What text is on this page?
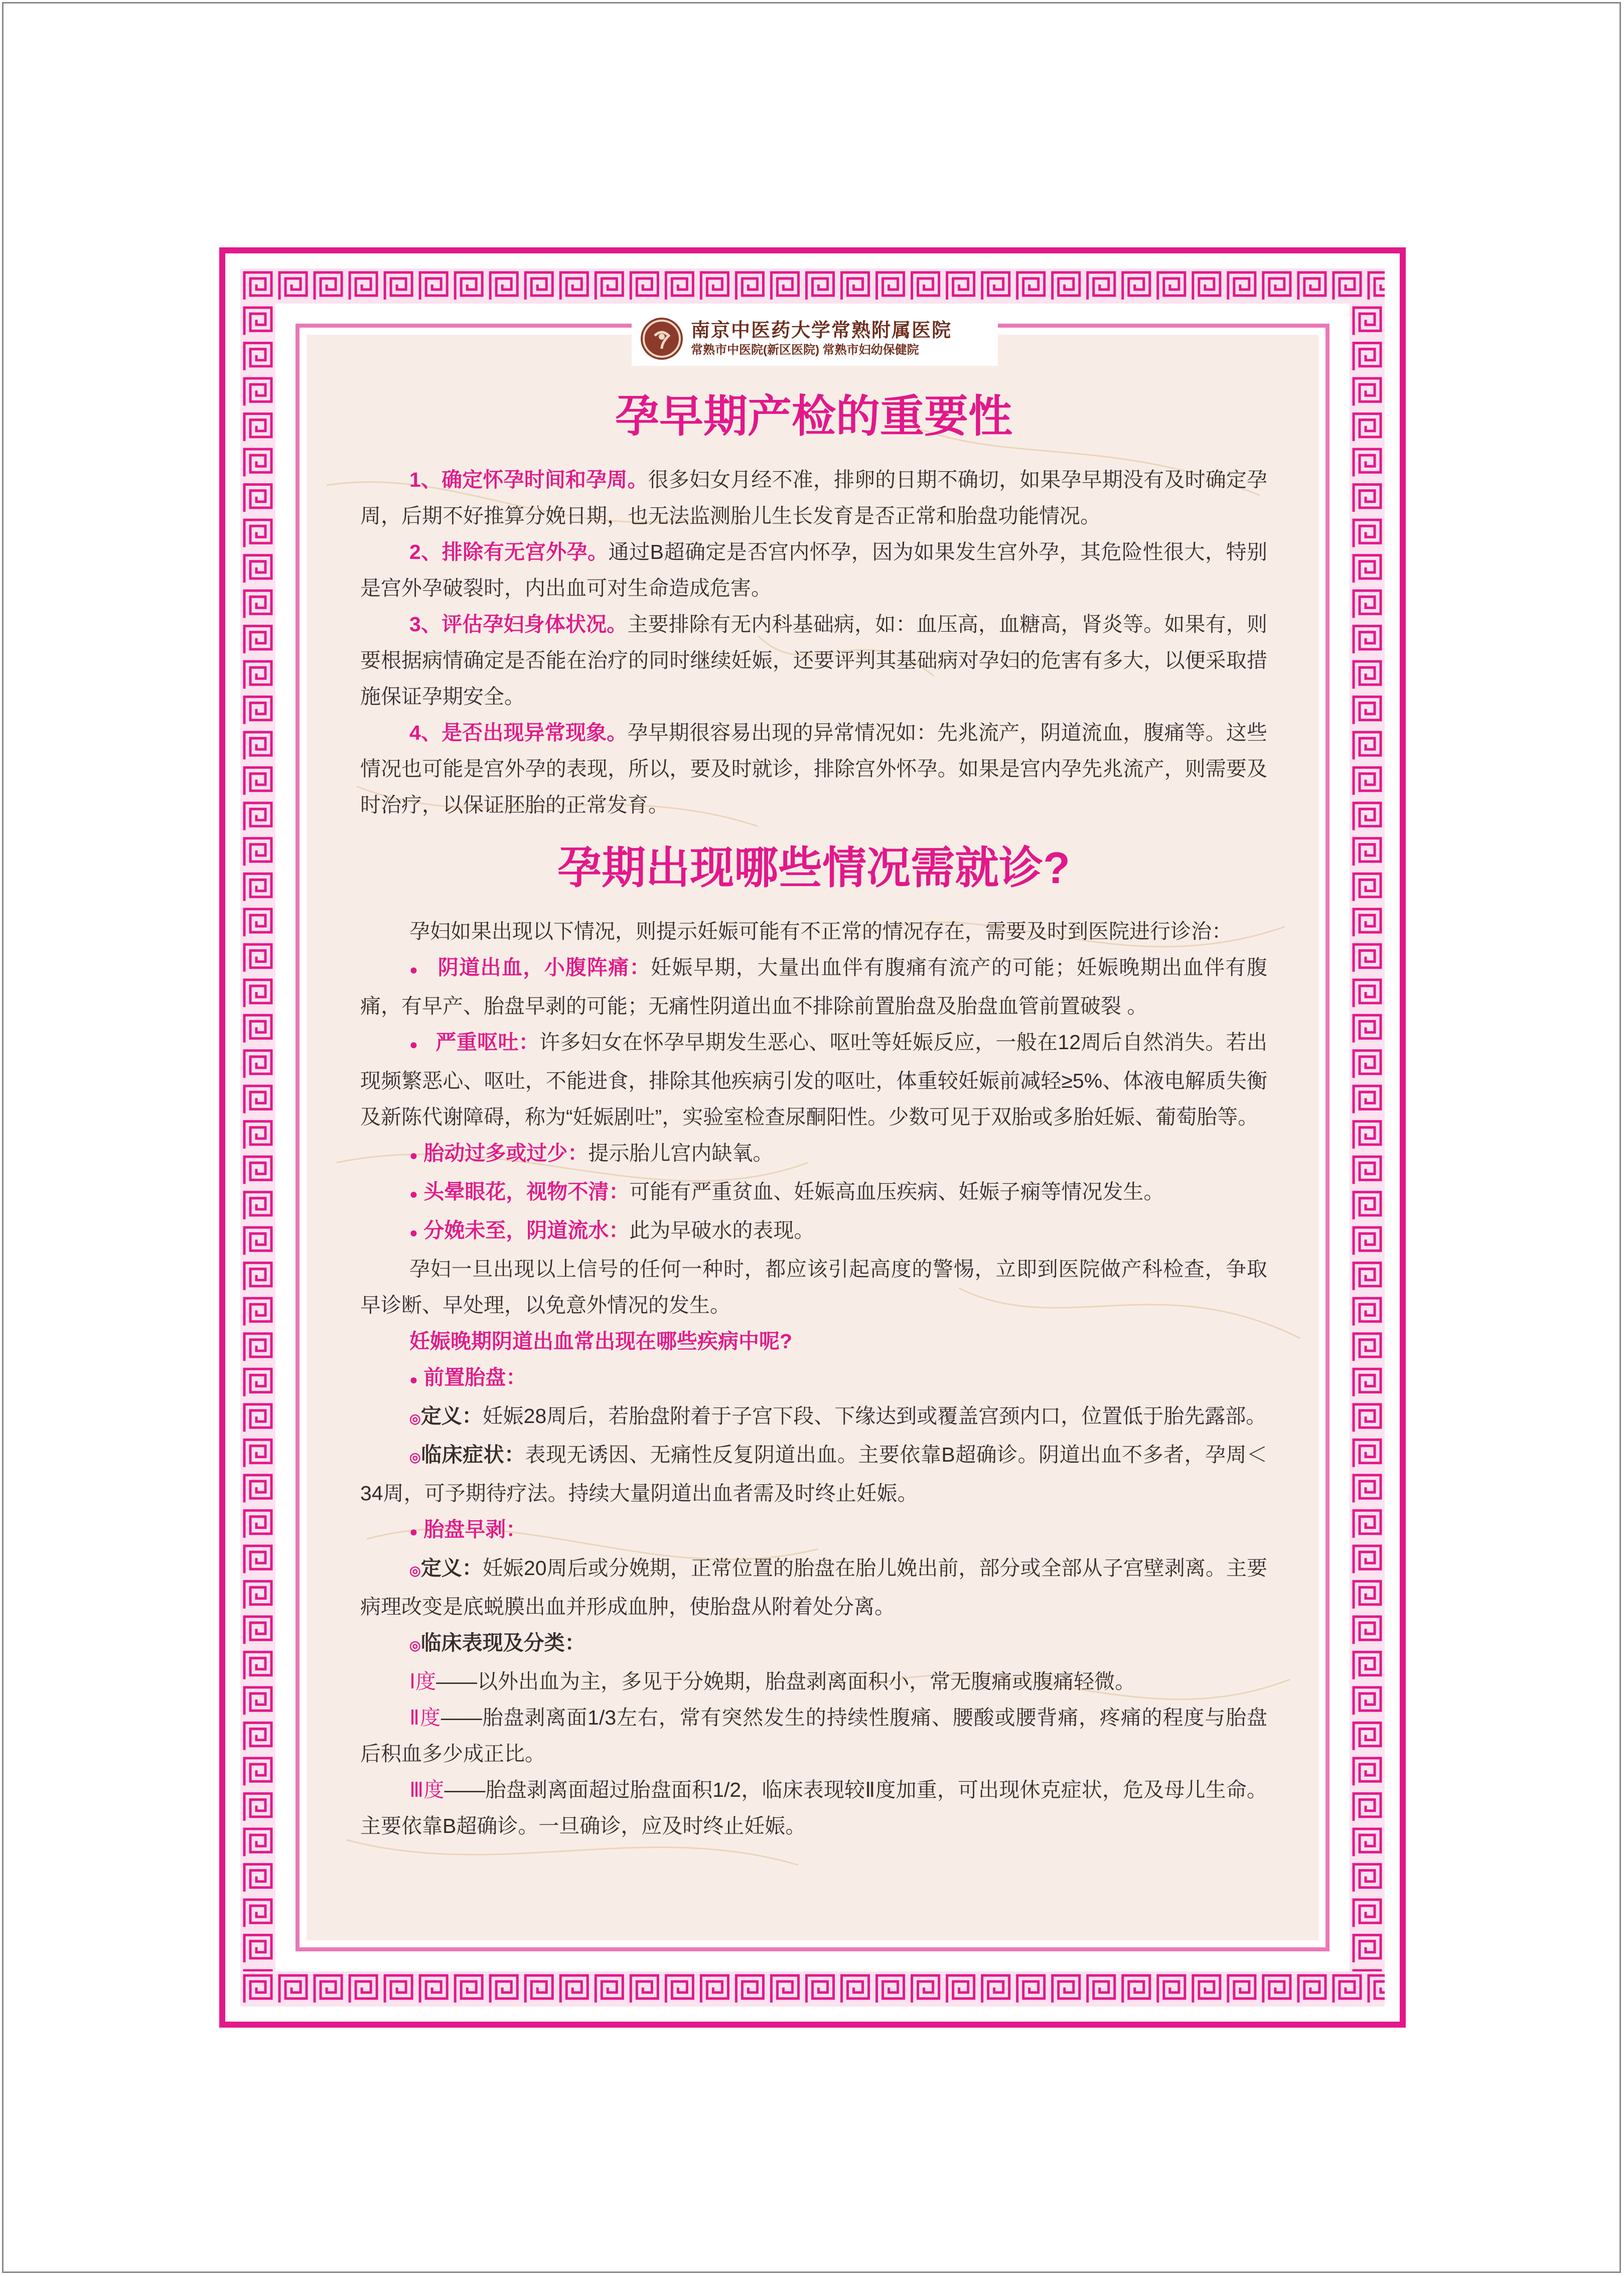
南京中医药大学常熟附属医院
常熟市中医院(新区医院) 常熟市妇幼保健院
孕早期产检的重要性

1、确定怀孕时间和孕周。很多妇女月经不准，排卵的日期不确切，如果孕早期没有及时确定孕周，后期不好推算分娩日期，也无法监测胎儿生长发育是否正常和胎盘功能情况。

2、排除有无宫外孕。通过B超确定是否宫内怀孕，因为如果发生宫外孕，其危险性很大，特别是宫外孕破裂时，内出血可对生命造成危害。

3、评估孕妇身体状况。主要排除有无内科基础病，如：血压高，血糖高，肾炎等。如果有，则要根据病情确定是否能在治疗的同时继续妊娠，还要评判其基础病对孕妇的危害有多大，以便采取措施保证孕期安全。

4、是否出现异常现象。孕早期很容易出现的异常情况如：先兆流产，阴道流血，腹痛等。这些情况也可能是宫外孕的表现，所以，要及时就诊，排除宫外怀孕。如果是宫内孕先兆流产，则需要及时治疗，以保证胚胎的正常发育。

孕期出现哪些情况需就诊?

孕妇如果出现以下情况，则提示妊娠可能有不正常的情况存在，需要及时到医院进行诊治：

● 阴道出血，小腹阵痛：妊娠早期，大量出血伴有腹痛有流产的可能；妊娠晚期出血伴有腹痛，有早产、胎盘早剥的可能；无痛性阴道出血不排除前置胎盘及胎盘血管前置破裂 。

● 严重呕吐：许多妇女在怀孕早期发生恶心、呕吐等妊娠反应，一般在12周后自然消失。若出现频繁恶心、呕吐，不能进食，排除其他疾病引发的呕吐，体重较妊娠前减轻≥5%、体液电解质失衡及新陈代谢障碍，称为“妊娠剧吐”，实验室检查尿酮阳性。少数可见于双胎或多胎妊娠、葡萄胎等。

● 胎动过多或过少：提示胎儿宫内缺氧。

● 头晕眼花，视物不清：可能有严重贫血、妊娠高血压疾病、妊娠子痫等情况发生。

● 分娩未至，阴道流水：此为早破水的表现。

孕妇一旦出现以上信号的任何一种时，都应该引起高度的警惕，立即到医院做产科检查，争取早诊断、早处理，以免意外情况的发生。

妊娠晚期阴道出血常出现在哪些疾病中呢?

● 前置胎盘：

◎定义：妊娠28周后，若胎盘附着于子宫下段、下缘达到或覆盖宫颈内口，位置低于胎先露部。

◎临床症状：表现无诱因、无痛性反复阴道出血。主要依靠B超确诊。阴道出血不多者，孕周＜34周，可予期待疗法。持续大量阴道出血者需及时终止妊娠。

● 胎盘早剥：

◎定义：妊娠20周后或分娩期，正常位置的胎盘在胎儿娩出前，部分或全部从子宫壁剥离。主要病理改变是底蜕膜出血并形成血肿，使胎盘从附着处分离。

◎临床表现及分类：

Ⅰ度——以外出血为主，多见于分娩期，胎盘剥离面积小，常无腹痛或腹痛轻微。

Ⅱ度——胎盘剥离面1/3左右，常有突然发生的持续性腹痛、腰酸或腰背痛，疼痛的程度与胎盘后积血多少成正比。

Ⅲ度——胎盘剥离面超过胎盘面积1/2，临床表现较Ⅱ度加重，可出现休克症状，危及母儿生命。主要依靠B超确诊。一旦确诊，应及时终止妊娠。
